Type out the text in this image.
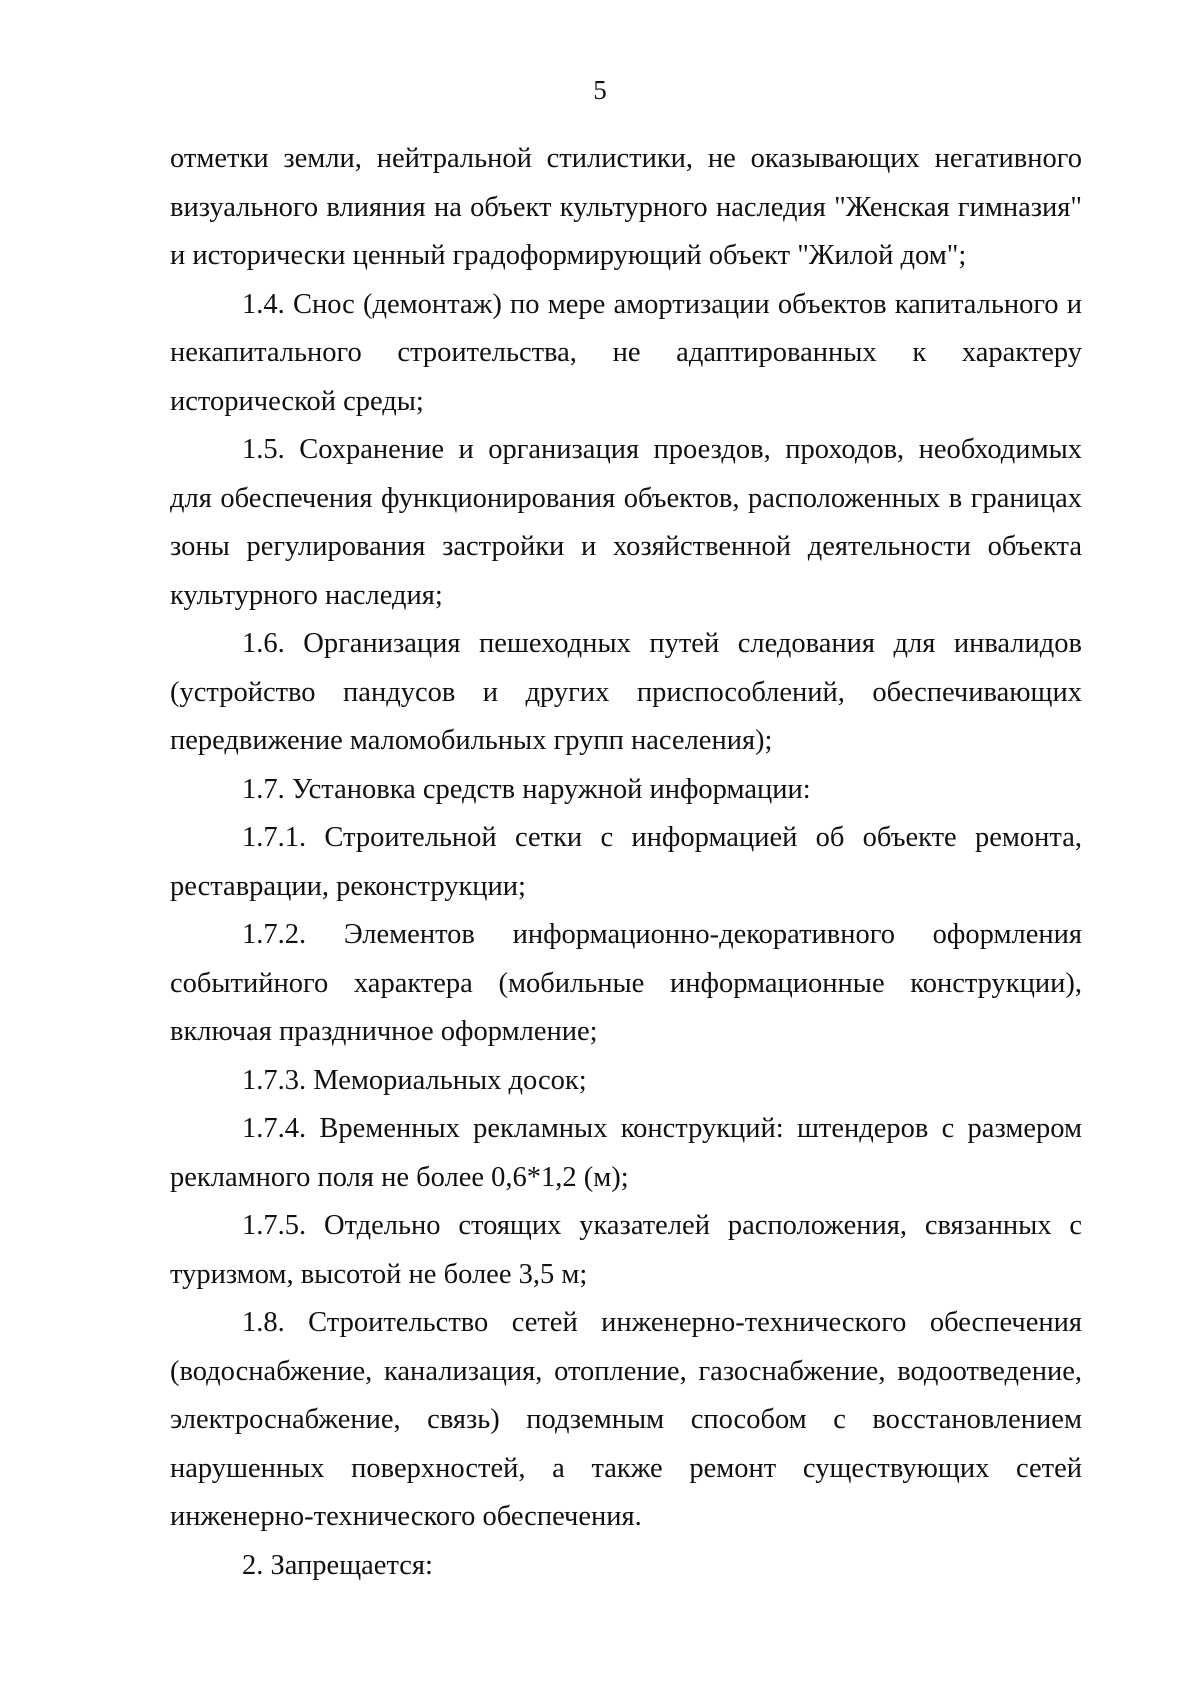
5

отметки земли, нейтральной стилистики, не оказывающих негативного визуального влияния на объект культурного наследия "Женская гимназия" и исторически ценный градоформирующий объект "Жилой дом";

1.4. Снос (демонтаж) по мере амортизации объектов капитального и некапитального строительства, не адаптированных к характеру исторической среды;

1.5. Сохранение и организация проездов, проходов, необходимых для обеспечения функционирования объектов, расположенных в границах зоны регулирования застройки и хозяйственной деятельности объекта культурного наследия;

1.6. Организация пешеходных путей следования для инвалидов (устройство пандусов и других приспособлений, обеспечивающих передвижение маломобильных групп населения);

1.7. Установка средств наружной информации:

1.7.1. Строительной сетки с информацией об объекте ремонта, реставрации, реконструкции;

1.7.2. Элементов информационно-декоративного оформления событийного характера (мобильные информационные конструкции), включая праздничное оформление;

1.7.3. Мемориальных досок;

1.7.4. Временных рекламных конструкций: штендеров с размером рекламного поля не более 0,6*1,2 (м);

1.7.5. Отдельно стоящих указателей расположения, связанных с туризмом, высотой не более 3,5 м;

1.8. Строительство сетей инженерно-технического обеспечения (водоснабжение, канализация, отопление, газоснабжение, водоотведение, электроснабжение, связь) подземным способом с восстановлением нарушенных поверхностей, а также ремонт существующих сетей инженерно-технического обеспечения.

2. Запрещается:
